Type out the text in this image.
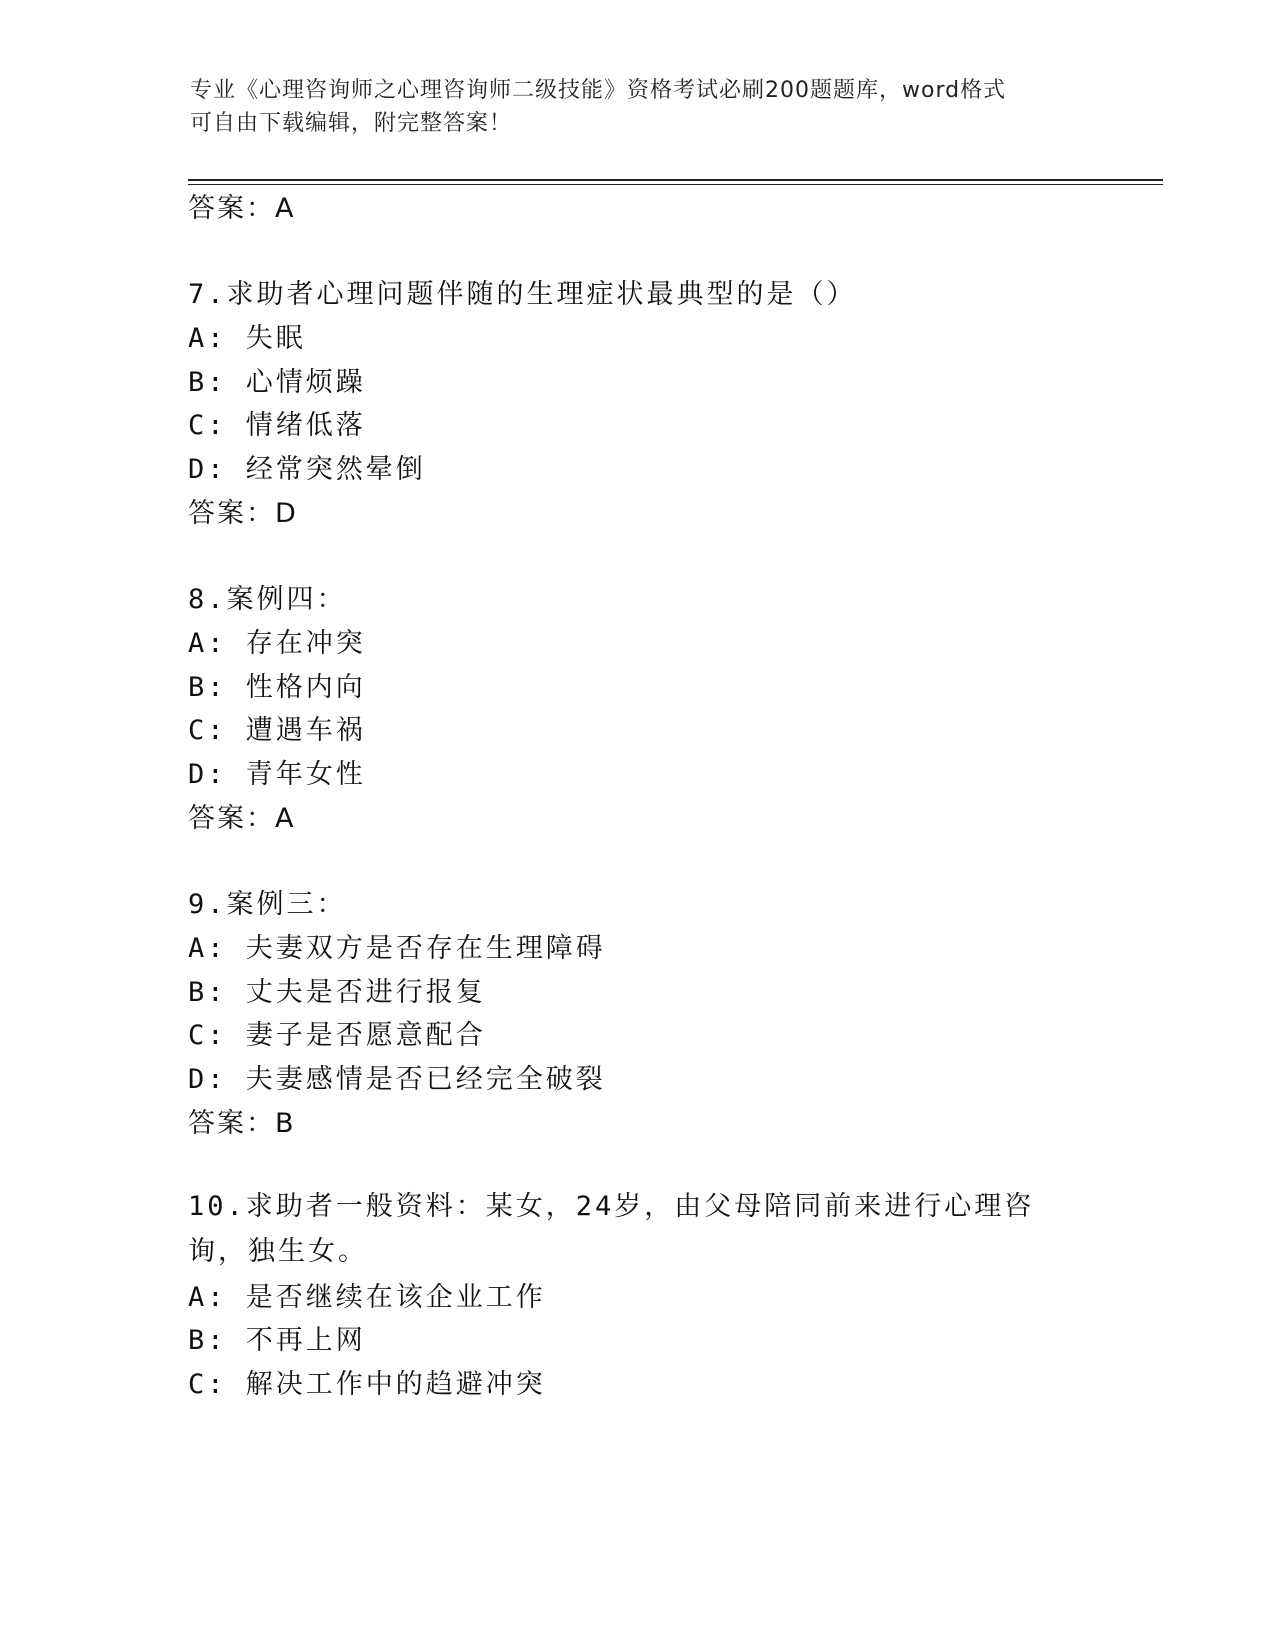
专业《心理咨询师之心理咨询师二级技能》资格考试必刷200题题库，word格式
可自由下载编辑，附完整答案！
答案：A
7.求助者心理问题伴随的生理症状最典型的是（）
A: 失眠
B: 心情烦躁
C: 情绪低落
D: 经常突然晕倒
答案：D
8.案例四：
A: 存在冲突
B: 性格内向
C: 遭遇车祸
D: 青年女性
答案：A
9.案例三：
A: 夫妻双方是否存在生理障碍
B: 丈夫是否进行报复
C: 妻子是否愿意配合
D: 夫妻感情是否已经完全破裂
答案：B
10.求助者一般资料：某女，24岁，由父母陪同前来进行心理咨询，独生女。
A: 是否继续在该企业工作
B: 不再上网
C: 解决工作中的趋避冲突
